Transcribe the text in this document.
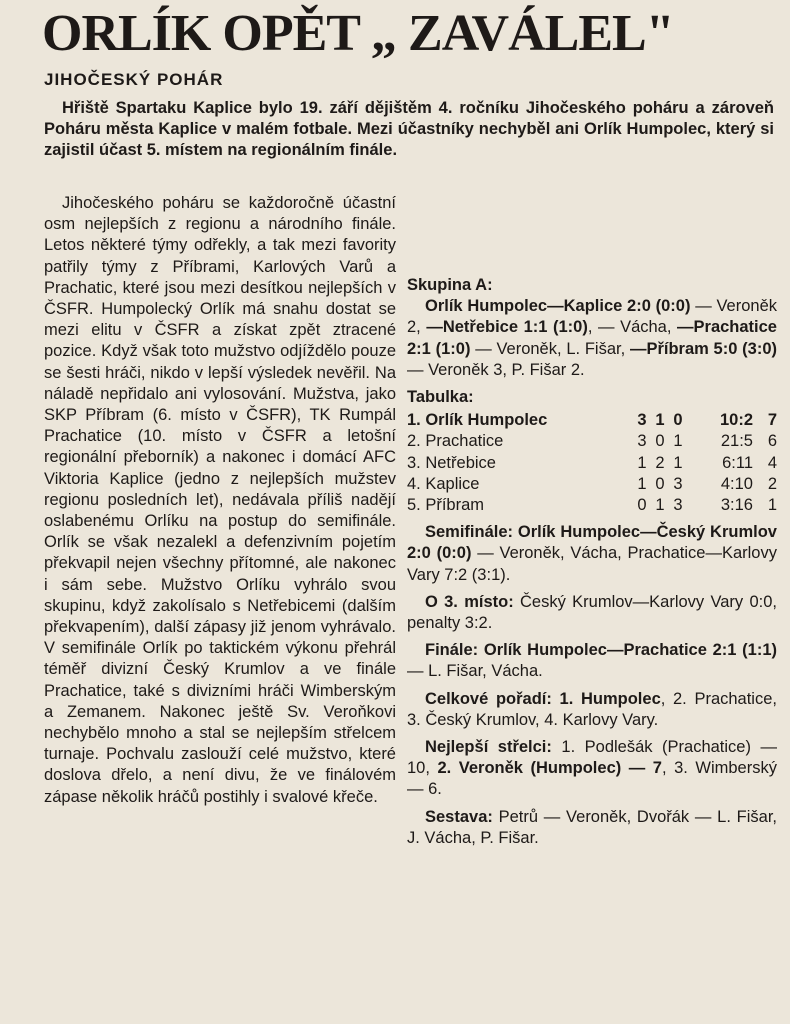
ORLÍK OPĚT „ ZAVÁLEL"
JIHOČESKÝ POHÁR
Hřiště Spartaku Kaplice bylo 19. září dějištěm 4. ročníku Jihočeského poháru a zároveň Poháru města Kaplice v malém fotbale. Mezi účastníky nechyběl ani Orlík Humpolec, který si zajistil účast 5. místem na regionálním finále.
Jihočeského poháru se každoročně účastní osm nejlepších z regionu a národního finále. Letos některé týmy odřekly, a tak mezi favority patřily týmy z Příbrami, Karlových Varů a Prachatic, které jsou mezi desítkou nejlepších v ČSFR. Humpolecký Orlík má snahu dostat se mezi elitu v ČSFR a získat zpět ztracené pozice. Když však toto mužstvo odjíždělo pouze se šesti hráči, nikdo v lepší výsledek nevěřil. Na náladě nepřidalo ani vylosování. Mužstva, jako SKP Příbram (6. místo v ČSFR), TK Rumpál Prachatice (10. místo v ČSFR a letošní regionální přeborník) a nakonec i domácí AFC Viktoria Kaplice (jedno z nejlepších mužstev regionu posledních let), nedávala příliš nadějí oslabenému Orlíku na postup do semifinále. Orlík se však nezalekl a defenzivním pojetím překvapil nejen všechny přítomné, ale nakonec i sám sebe. Mužstvo Orlíku vyhrálo svou skupinu, když zakolísalo s Netřebicemi (dalším překvapením), další zápasy již jenom vyhrávalo. V semifinále Orlík po taktickém výkonu přehrál téměř divizní Český Krumlov a ve finále Prachatice, také s divizními hráči Wimberským a Zemanem. Nakonec ještě Sv. Veroňkovi nechybělo mnoho a stal se nejlepším střelcem turnaje. Pochvalu zaslouží celé mužstvo, které doslova dřelo, a není divu, že ve finálovém zápase několik hráčů postihly i svalové křeče.

Skupina A:

Orlík Humpolec—Kaplice 2:0 (0:0) — Veroněk 2, —Netřebice 1:1 (1:0), — Vácha, —Prachatice 2:1 (1:0) — Veroněk, L. Fišar, —Příbram 5:0 (3:0) — Veroněk 3, P. Fišar 2.

Tabulka:

1. Orlík Humpolec	3	1	0	10:2	7
2. Prachatice	3	0	1	21:5	6
3. Netřebice	1	2	1	6:11	4
4. Kaplice	1	0	3	4:10	2
5. Příbram	0	1	3	3:16	1

Semifinále: Orlík Humpolec—Český Krumlov 2:0 (0:0) — Veroněk, Vácha, Prachatice—Karlovy Vary 7:2 (3:1).

O 3. místo: Český Krumlov—Karlovy Vary 0:0, penalty 3:2.

Finále: Orlík Humpolec—Prachatice 2:1 (1:1) — L. Fišar, Vácha.

Celkové pořadí: 1. Humpolec, 2. Prachatice, 3. Český Krumlov, 4. Karlovy Vary.

Nejlepší střelci: 1. Podlešák (Prachatice) — 10, 2. Veroněk (Humpolec) — 7, 3. Wimberský — 6.

Sestava: Petrů — Veroněk, Dvořák — L. Fišar, J. Vácha, P. Fišar.
